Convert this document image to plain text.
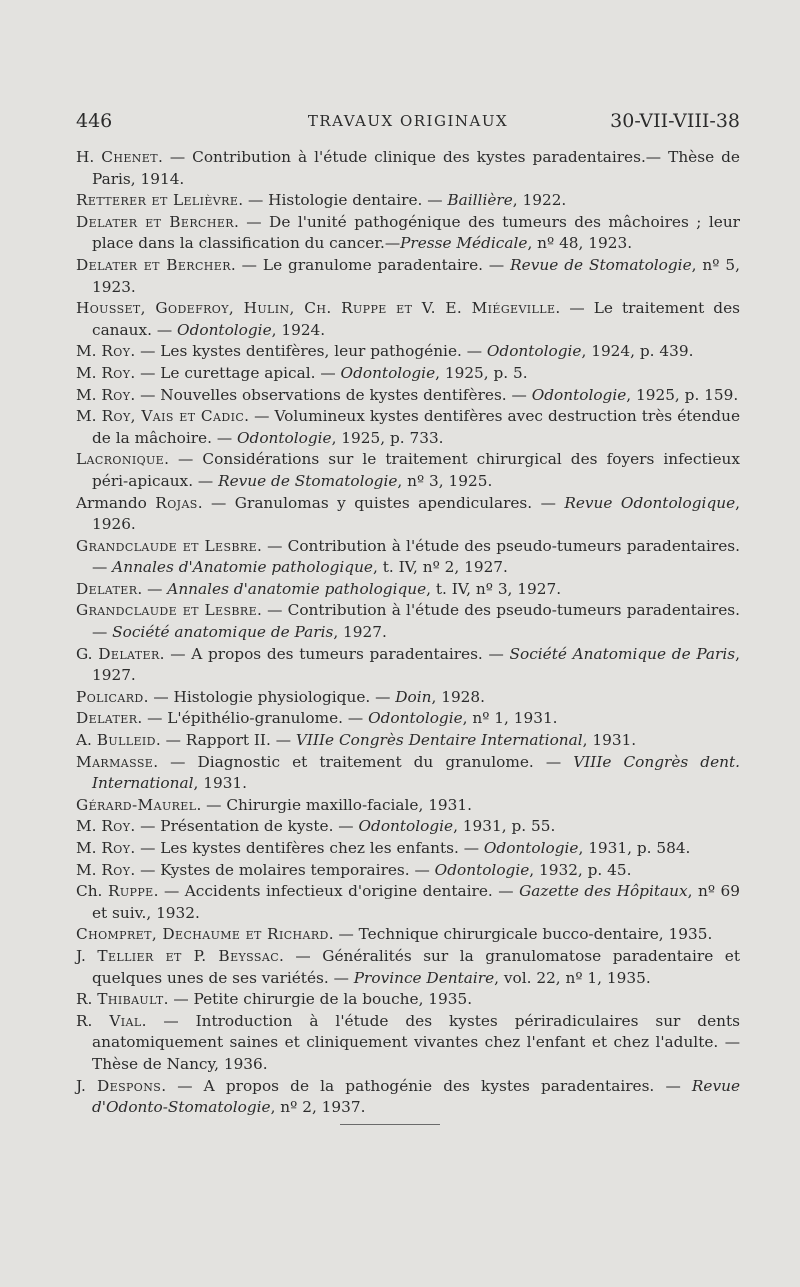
446	TRAVAUX ORIGINAUX	30-VII-VIII-38

H. Chenet. — Contribution à l'étude clinique des kystes paradentaires.— Thèse de Paris, 1914.

Retterer et Lelièvre. — Histologie dentaire. — Baillière, 1922.

Delater et Bercher. — De l'unité pathogénique des tumeurs des mâchoires ; leur place dans la classification du cancer.—Presse Médicale, nº 48, 1923.

Delater et Bercher. — Le granulome paradentaire. — Revue de Stomatologie, nº 5, 1923.

Housset, Godefroy, Hulin, Ch. Ruppe et V. E. Miégeville. — Le traitement des canaux. — Odontologie, 1924.

M. Roy. — Les kystes dentifères, leur pathogénie. — Odontologie, 1924, p. 439.

M. Roy. — Le curettage apical. — Odontologie, 1925, p. 5.

M. Roy. — Nouvelles observations de kystes dentifères. — Odontologie, 1925, p. 159.

M. Roy, Vais et Cadic. — Volumineux kystes dentifères avec destruction très étendue de la mâchoire. — Odontologie, 1925, p. 733.

Lacronique. — Considérations sur le traitement chirurgical des foyers infectieux péri-apicaux. — Revue de Stomatologie, nº 3, 1925.

Armando Rojas. — Granulomas y quistes apendiculares. — Revue Odontologique, 1926.

Grandclaude et Lesbre. — Contribution à l'étude des pseudo-tumeurs paradentaires. — Annales d'Anatomie pathologique, t. IV, nº 2, 1927.

Delater. — Annales d'anatomie pathologique, t. IV, nº 3, 1927.

Grandclaude et Lesbre. — Contribution à l'étude des pseudo-tumeurs paradentaires. — Société anatomique de Paris, 1927.

G. Delater. — A propos des tumeurs paradentaires. — Société Anatomique de Paris, 1927.

Policard. — Histologie physiologique. — Doin, 1928.

Delater. — L'épithélio-granulome. — Odontologie, nº 1, 1931.

A. Bulleid. — Rapport II. — VIIIe Congrès Dentaire International, 1931.

Marmasse. — Diagnostic et traitement du granulome. — VIIIe Congrès dent. International, 1931.

Gérard-Maurel. — Chirurgie maxillo-faciale, 1931.

M. Roy. — Présentation de kyste. — Odontologie, 1931, p. 55.

M. Roy. — Les kystes dentifères chez les enfants. — Odontologie, 1931, p. 584.

M. Roy. — Kystes de molaires temporaires. — Odontologie, 1932, p. 45.

Ch. Ruppe. — Accidents infectieux d'origine dentaire. — Gazette des Hôpitaux, nº 69 et suiv., 1932.

Chompret, Dechaume et Richard. — Technique chirurgicale bucco-dentaire, 1935.

J. Tellier et P. Beyssac. — Généralités sur la granulomatose paradentaire et quelques unes de ses variétés. — Province Dentaire, vol. 22, nº 1, 1935.

R. Thibault. — Petite chirurgie de la bouche, 1935.

R. Vial. — Introduction à l'étude des kystes périradiculaires sur dents anatomiquement saines et cliniquement vivantes chez l'enfant et chez l'adulte. — Thèse de Nancy, 1936.

J. Despons. — A propos de la pathogénie des kystes paradentaires. — Revue d'Odonto-Stomatologie, nº 2, 1937.
